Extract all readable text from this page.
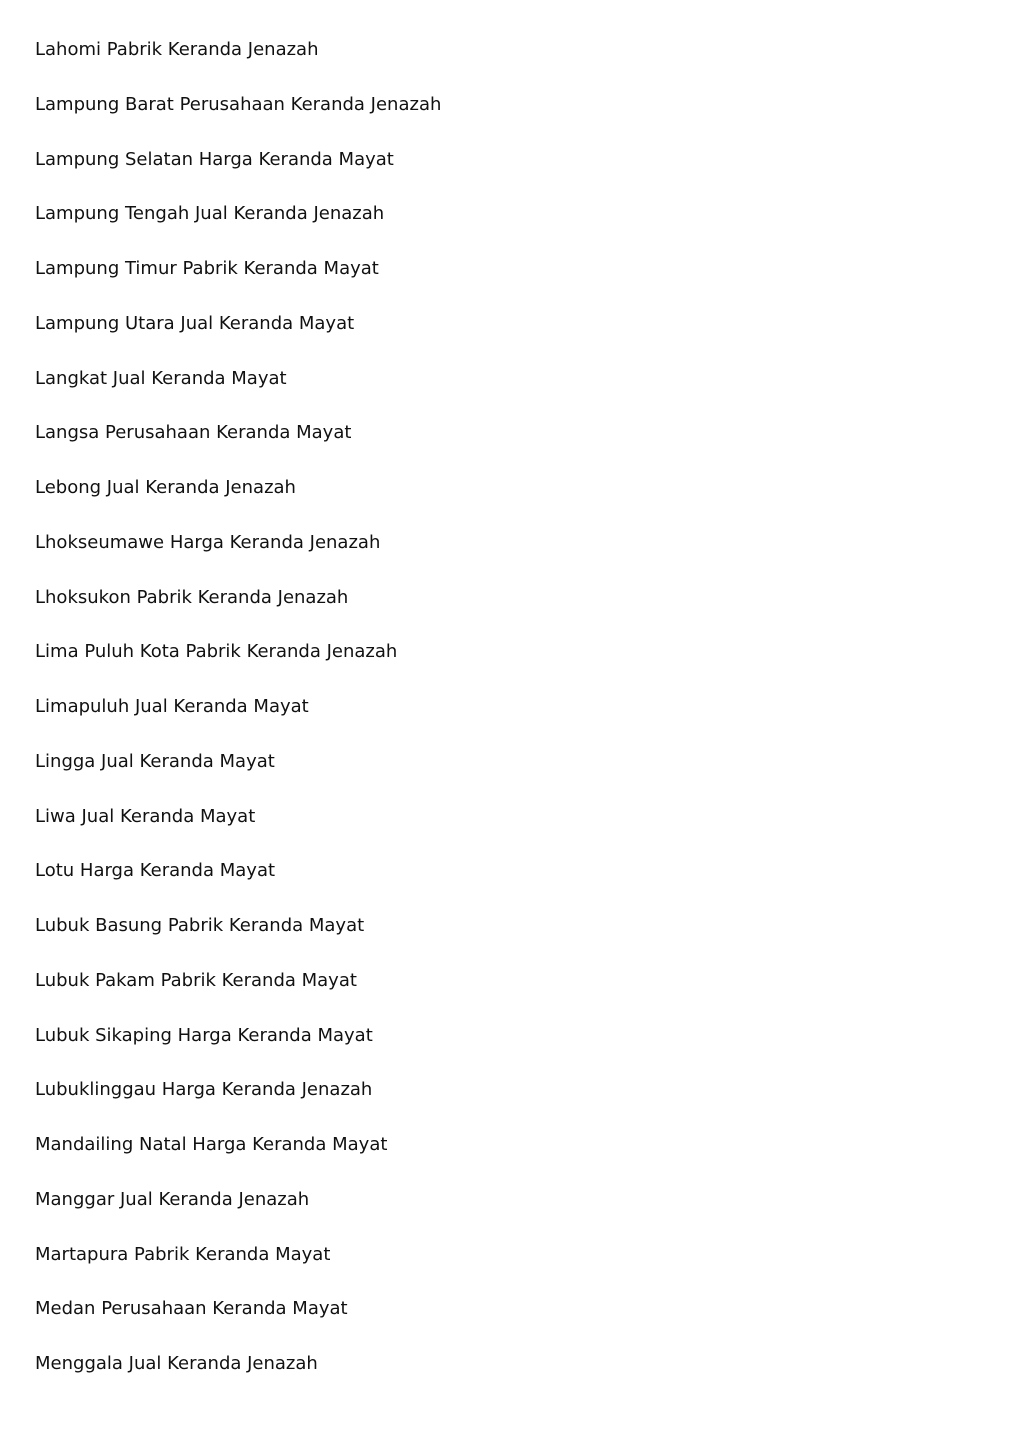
Lahomi Pabrik Keranda Jenazah
Lampung Barat Perusahaan Keranda Jenazah
Lampung Selatan Harga Keranda Mayat
Lampung Tengah Jual Keranda Jenazah
Lampung Timur Pabrik Keranda Mayat
Lampung Utara Jual Keranda Mayat
Langkat Jual Keranda Mayat
Langsa Perusahaan Keranda Mayat
Lebong Jual Keranda Jenazah
Lhokseumawe Harga Keranda Jenazah
Lhoksukon Pabrik Keranda Jenazah
Lima Puluh Kota Pabrik Keranda Jenazah
Limapuluh Jual Keranda Mayat
Lingga Jual Keranda Mayat
Liwa Jual Keranda Mayat
Lotu Harga Keranda Mayat
Lubuk Basung Pabrik Keranda Mayat
Lubuk Pakam Pabrik Keranda Mayat
Lubuk Sikaping Harga Keranda Mayat
Lubuklinggau Harga Keranda Jenazah
Mandailing Natal Harga Keranda Mayat
Manggar Jual Keranda Jenazah
Martapura Pabrik Keranda Mayat
Medan Perusahaan Keranda Mayat
Menggala Jual Keranda Jenazah
